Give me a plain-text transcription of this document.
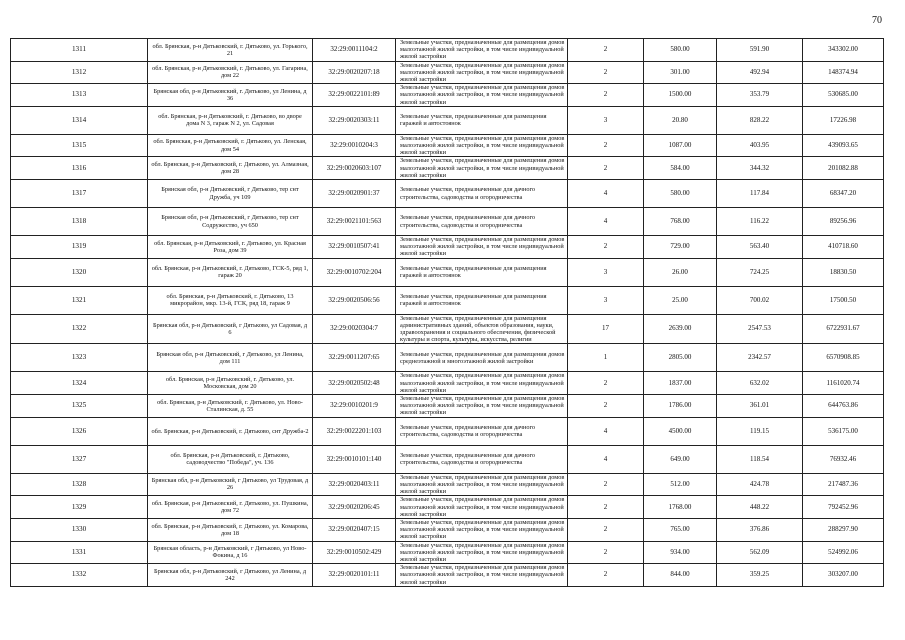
70
1311	обл. Брянская, р-н Дятьковский, г. Дятьково, ул. Горького, 21	32:29:0011104:2	Земельные участки, предназначенные для размещения домов малоэтажной жилой застройки, в том числе индивидуальной жилой застройки	2	580.00	591.90	343302.00
1312	обл. Брянская, р-н Дятьковский, г. Дятьково, ул. Гагарина, дом 22	32:29:0020207:18	Земельные участки, предназначенные для размещения домов малоэтажной жилой застройки, в том числе индивидуальной жилой застройки	2	301.00	492.94	148374.94
1313	Брянская обл, р-н Дятьковский, г. Дятьково, ул Ленина, д 36	32:29:0022101:89	Земельные участки, предназначенные для размещения домов малоэтажной жилой застройки, в том числе индивидуальной жилой застройки	2	1500.00	353.79	530685.00
1314	обл. Брянская, р-н Дятьковский, г. Дятьково, во дворе дома N 3, гараж N 2, ул. Садовая	32:29:0020303:11	Земельные участки, предназначенные для размещения гаражей и автостоянок	3	20.80	828.22	17226.98
1315	обл. Брянская, р-н Дятьковский, г. Дятьково, ул. Ленская, дом 54	32:29:0010204:3	Земельные участки, предназначенные для размещения домов малоэтажной жилой застройки, в том числе индивидуальной жилой застройки	2	1087.00	403.95	439093.65
1316	обл. Брянская, р-н Дятьковский, г. Дятьково, ул. Алмазная, дом 28	32:29:0020603:107	Земельные участки, предназначенные для размещения домов малоэтажной жилой застройки, в том числе индивидуальной жилой застройки	2	584.00	344.32	201082.88
1317	Брянская обл, р-н Дятьковский, г Дятьково, тер снт Дружба, уч 109	32:29:0020901:37	Земельные участки, предназначенные для дачного строительства, садоводства и огородничества	4	580.00	117.84	68347.20
1318	Брянская обл, р-н Дятьковский, г Дятьково, тер снт Содружество, уч 650	32:29:0021101:563	Земельные участки, предназначенные для дачного строительства, садоводства и огородничества	4	768.00	116.22	89256.96
1319	обл. Брянская, р-н Дятьковский, г. Дятьково, ул. Красная Роза, дом 39	32:29:0010507:41	Земельные участки, предназначенные для размещения домов малоэтажной жилой застройки, в том числе индивидуальной жилой застройки	2	729.00	563.40	410718.60
1320	обл. Брянская, р-н Дятьковский, г. Дятьково, ГСК-5, ряд 1, гараж 20	32:29:0010702:204	Земельные участки, предназначенные для размещения гаражей и автостоянок	3	26.00	724.25	18830.50
1321	обл. Брянская, р-н Дятьковский, г. Дятьково, 13 микрорайон, мкр. 13-й, ГСК, ряд 18, гараж 9	32:29:0020506:56	Земельные участки, предназначенные для размещения гаражей и автостоянок	3	25.00	700.02	17500.50
1322	Брянская обл, р-н Дятьковский, г Дятьково, ул Садовая, д 6	32:29:0020304:7	Земельные участки, предназначенные для размещения административных зданий, объектов образования, науки, здравоохранения и социального обеспечения, физической культуры и спорта, культуры, искусства, религии	17	2639.00	2547.53	6722931.67
1323	Брянская обл, р-н Дятьковский, г Дятьково, ул Ленина, дом 111	32:29:0011207:65	Земельные участки, предназначенные для размещения домов среднеэтажной и многоэтажной жилой застройки	1	2805.00	2342.57	6570908.85
1324	обл. Брянская, р-н Дятьковский, г. Дятьково, ул. Московская, дом 20	32:29:0020502:48	Земельные участки, предназначенные для размещения домов малоэтажной жилой застройки, в том числе индивидуальной жилой застройки	2	1837.00	632.02	1161020.74
1325	обл. Брянская, р-н Дятьковский, г. Дятьково, ул. Ново-Сталинская, д. 55	32:29:0010201:9	Земельные участки, предназначенные для размещения домов малоэтажной жилой застройки, в том числе индивидуальной жилой застройки	2	1786.00	361.01	644763.86
1326	обл. Брянская, р-н Дятьковский, г. Дятьково, снт Дружба-2	32:29:0022201:103	Земельные участки, предназначенные для дачного строительства, садоводства и огородничества	4	4500.00	119.15	536175.00
1327	обл. Брянская, р-н Дятьковский, г. Дятьково, садоводчество "Победа", уч. 136	32:29:0010101:140	Земельные участки, предназначенные для дачного строительства, садоводства и огородничества	4	649.00	118.54	76932.46
1328	Брянская обл, р-н Дятьковский, г Дятьково, ул Трудовая, д 26	32:29:0020403:11	Земельные участки, предназначенные для размещения домов малоэтажной жилой застройки, в том числе индивидуальной жилой застройки	2	512.00	424.78	217487.36
1329	обл. Брянская, р-н Дятьковский, г. Дятьково, ул. Пушкина, дом 72	32:29:0020206:45	Земельные участки, предназначенные для размещения домов малоэтажной жилой застройки, в том числе индивидуальной жилой застройки	2	1768.00	448.22	792452.96
1330	обл. Брянская, р-н Дятьковский, г. Дятьково, ул. Комарова, дом 18	32:29:0020407:15	Земельные участки, предназначенные для размещения домов малоэтажной жилой застройки, в том числе индивидуальной жилой застройки	2	765.00	376.86	288297.90
1331	Брянская область, р-н Дятьковский, г Дятьково, ул Ново-Фокина, д 16	32:29:0010502:429	Земельные участки, предназначенные для размещения домов малоэтажной жилой застройки, в том числе индивидуальной жилой застройки	2	934.00	562.09	524992.06
1332	Брянская обл, р-н Дятьковский, г Дятьково, ул Ленина, д 242	32:29:0020101:11	Земельные участки, предназначенные для размещения домов малоэтажной жилой застройки, в том числе индивидуальной жилой застройки	2	844.00	359.25	303207.00
